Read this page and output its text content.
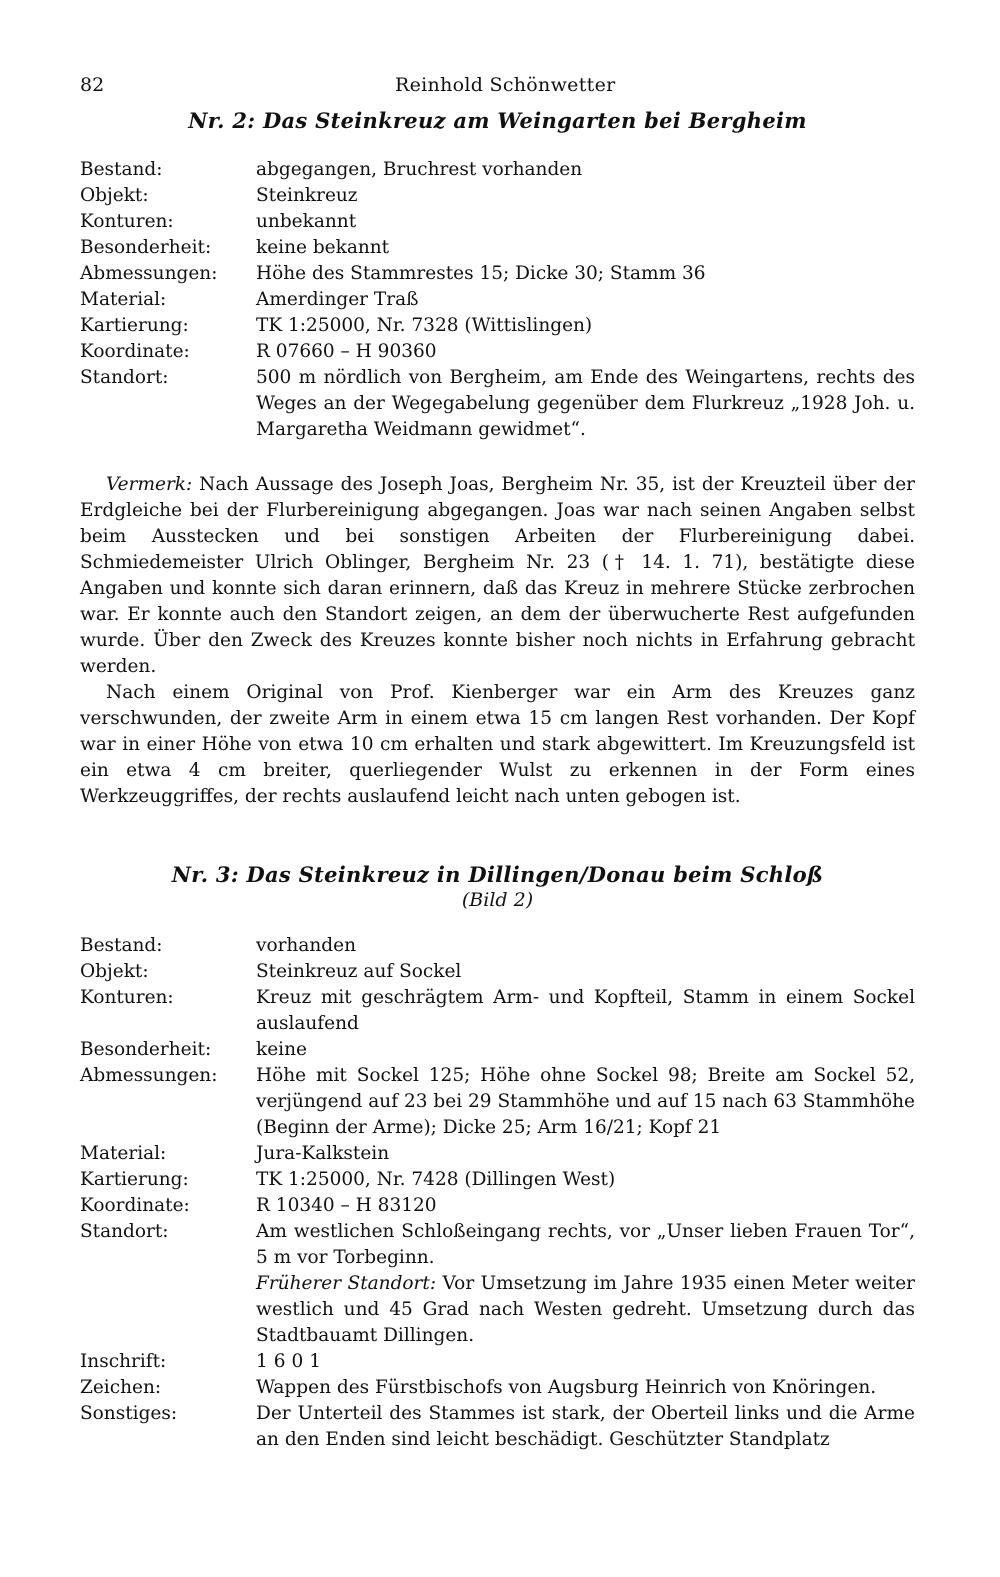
82	Reinhold Schönwetter
Nr. 2: Das Steinkreuz am Weingarten bei Bergheim
Bestand:	abgegangen, Bruchrest vorhanden
Objekt:	Steinkreuz
Konturen:	unbekannt
Besonderheit:	keine bekannt
Abmessungen:	Höhe des Stammrestes 15; Dicke 30; Stamm 36
Material:	Amerdinger Traß
Kartierung:	TK 1:25000, Nr. 7328 (Wittislingen)
Koordinate:	R 07660 – H 90360
Standort:	500 m nördlich von Bergheim, am Ende des Weingartens, rechts des Weges an der Wegegabelung gegenüber dem Flurkreuz „1928 Joh. u. Margaretha Weidmann gewidmet“.

Vermerk: Nach Aussage des Joseph Joas, Bergheim Nr. 35, ist der Kreuzteil über der Erdgleiche bei der Flurbereinigung abgegangen. Joas war nach seinen Angaben selbst beim Ausstecken und bei sonstigen Arbeiten der Flurbereinigung dabei. Schmiedemeister Ulrich Oblinger, Bergheim Nr. 23 († 14. 1. 71), bestätigte diese Angaben und konnte sich daran erinnern, daß das Kreuz in mehrere Stücke zerbrochen war. Er konnte auch den Standort zeigen, an dem der überwucherte Rest aufgefunden wurde. Über den Zweck des Kreuzes konnte bisher noch nichts in Erfahrung gebracht werden.

Nach einem Original von Prof. Kienberger war ein Arm des Kreuzes ganz verschwunden, der zweite Arm in einem etwa 15 cm langen Rest vorhanden. Der Kopf war in einer Höhe von etwa 10 cm erhalten und stark abgewittert. Im Kreuzungsfeld ist ein etwa 4 cm breiter, querliegender Wulst zu erkennen in der Form eines Werkzeuggriffes, der rechts auslaufend leicht nach unten gebogen ist.

Nr. 3: Das Steinkreuz in Dillingen/Donau beim Schloß

(Bild 2)

Bestand:	vorhanden
Objekt:	Steinkreuz auf Sockel
Konturen:	Kreuz mit geschrägtem Arm- und Kopfteil, Stamm in einem Sockel auslaufend
Besonderheit:	keine
Abmessungen:	Höhe mit Sockel 125; Höhe ohne Sockel 98; Breite am Sockel 52, verjüngend auf 23 bei 29 Stammhöhe und auf 15 nach 63 Stammhöhe (Beginn der Arme); Dicke 25; Arm 16/21; Kopf 21
Material:	Jura-Kalkstein
Kartierung:	TK 1:25000, Nr. 7428 (Dillingen West)
Koordinate:	R 10340 – H 83120
Standort:	Am westlichen Schloßeingang rechts, vor „Unser lieben Frauen Tor“, 5 m vor Torbeginn.
Früherer Standort: Vor Umsetzung im Jahre 1935 einen Meter weiter westlich und 45 Grad nach Westen gedreht. Umsetzung durch das Stadtbauamt Dillingen.
Inschrift:	1601
Zeichen:	Wappen des Fürstbischofs von Augsburg Heinrich von Knöringen.
Sonstiges:	Der Unterteil des Stammes ist stark, der Oberteil links und die Arme an den Enden sind leicht beschädigt. Geschützter Standplatz
